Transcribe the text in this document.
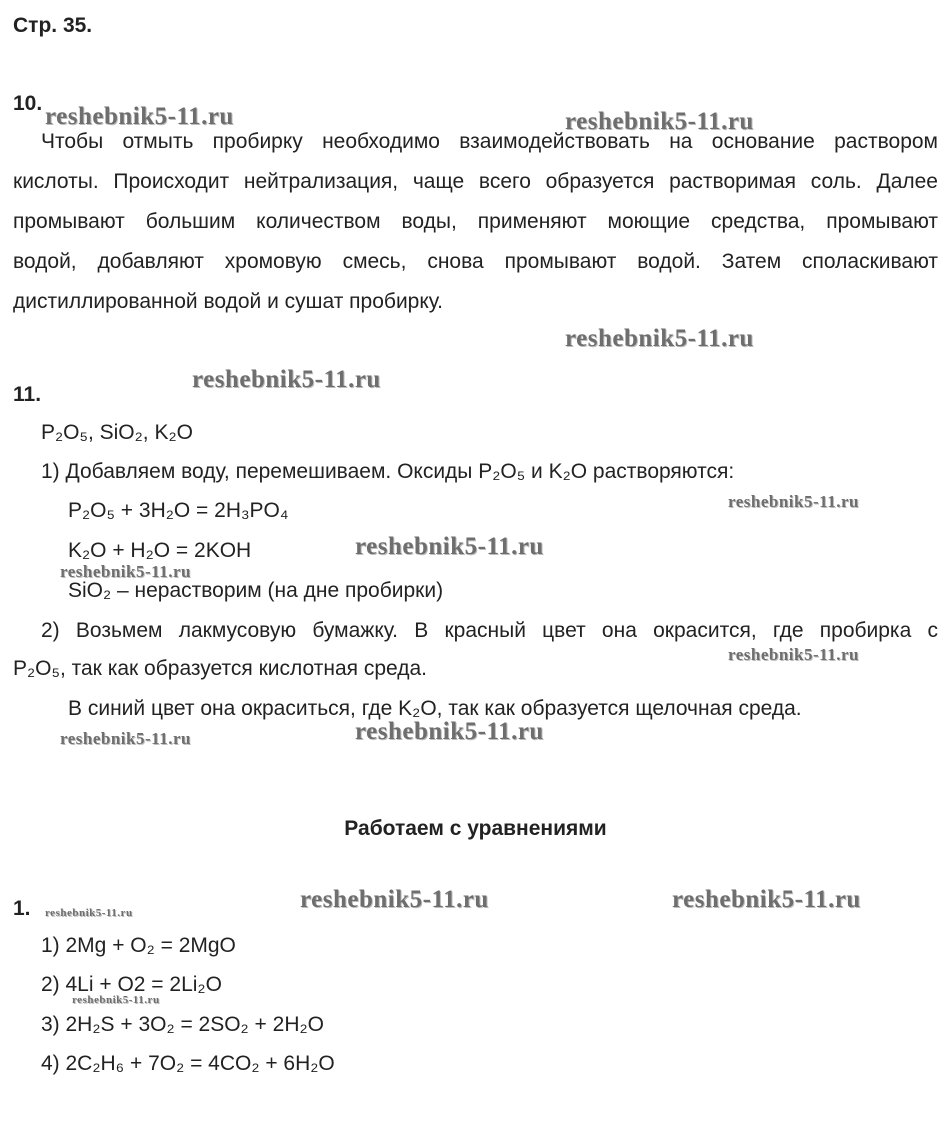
Стр. 35.
10.
Чтобы отмыть пробирку необходимо взаимодействовать на основание раствором
кислоты. Происходит нейтрализация, чаще всего образуется растворимая соль. Далее
промывают большим количеством воды, применяют моющие средства, промывают
водой, добавляют хромовую смесь, снова промывают водой. Затем споласкивают
дистиллированной водой и сушат пробирку.
11.
P₂O₅, SiO₂, K₂O
1) Добавляем воду, перемешиваем. Оксиды P₂O₅ и K₂O растворяются:
P₂O₅ + 3H₂O = 2H₃PO₄
K₂O + H₂O = 2KOH
SiO₂ – нерастворим (на дне пробирки)
2) Возьмем лакмусовую бумажку. В красный цвет она окрасится, где пробирка с
P₂O₅, так как образуется кислотная среда.
В синий цвет она окраситься, где K₂O, так как образуется щелочная среда.
Работаем с уравнениями
1.
1) 2Mg + O₂ = 2MgO
2) 4Li + O2 = 2Li₂O
3) 2H₂S + 3O₂ = 2SO₂ + 2H₂O
4) 2C₂H₆ + 7O₂ = 4CO₂ + 6H₂O
reshebnik5-11.ru	reshebnik5-11.ru
reshebnik5-11.ru
reshebnik5-11.ru
reshebnik5-11.ru
reshebnik5-11.ru
reshebnik5-11.ru
reshebnik5-11.ru
reshebnik5-11.ru	reshebnik5-11.ru
reshebnik5-11.ru	reshebnik5-11.ru
reshebnik5-11.ru
reshebnik5-11.ru
